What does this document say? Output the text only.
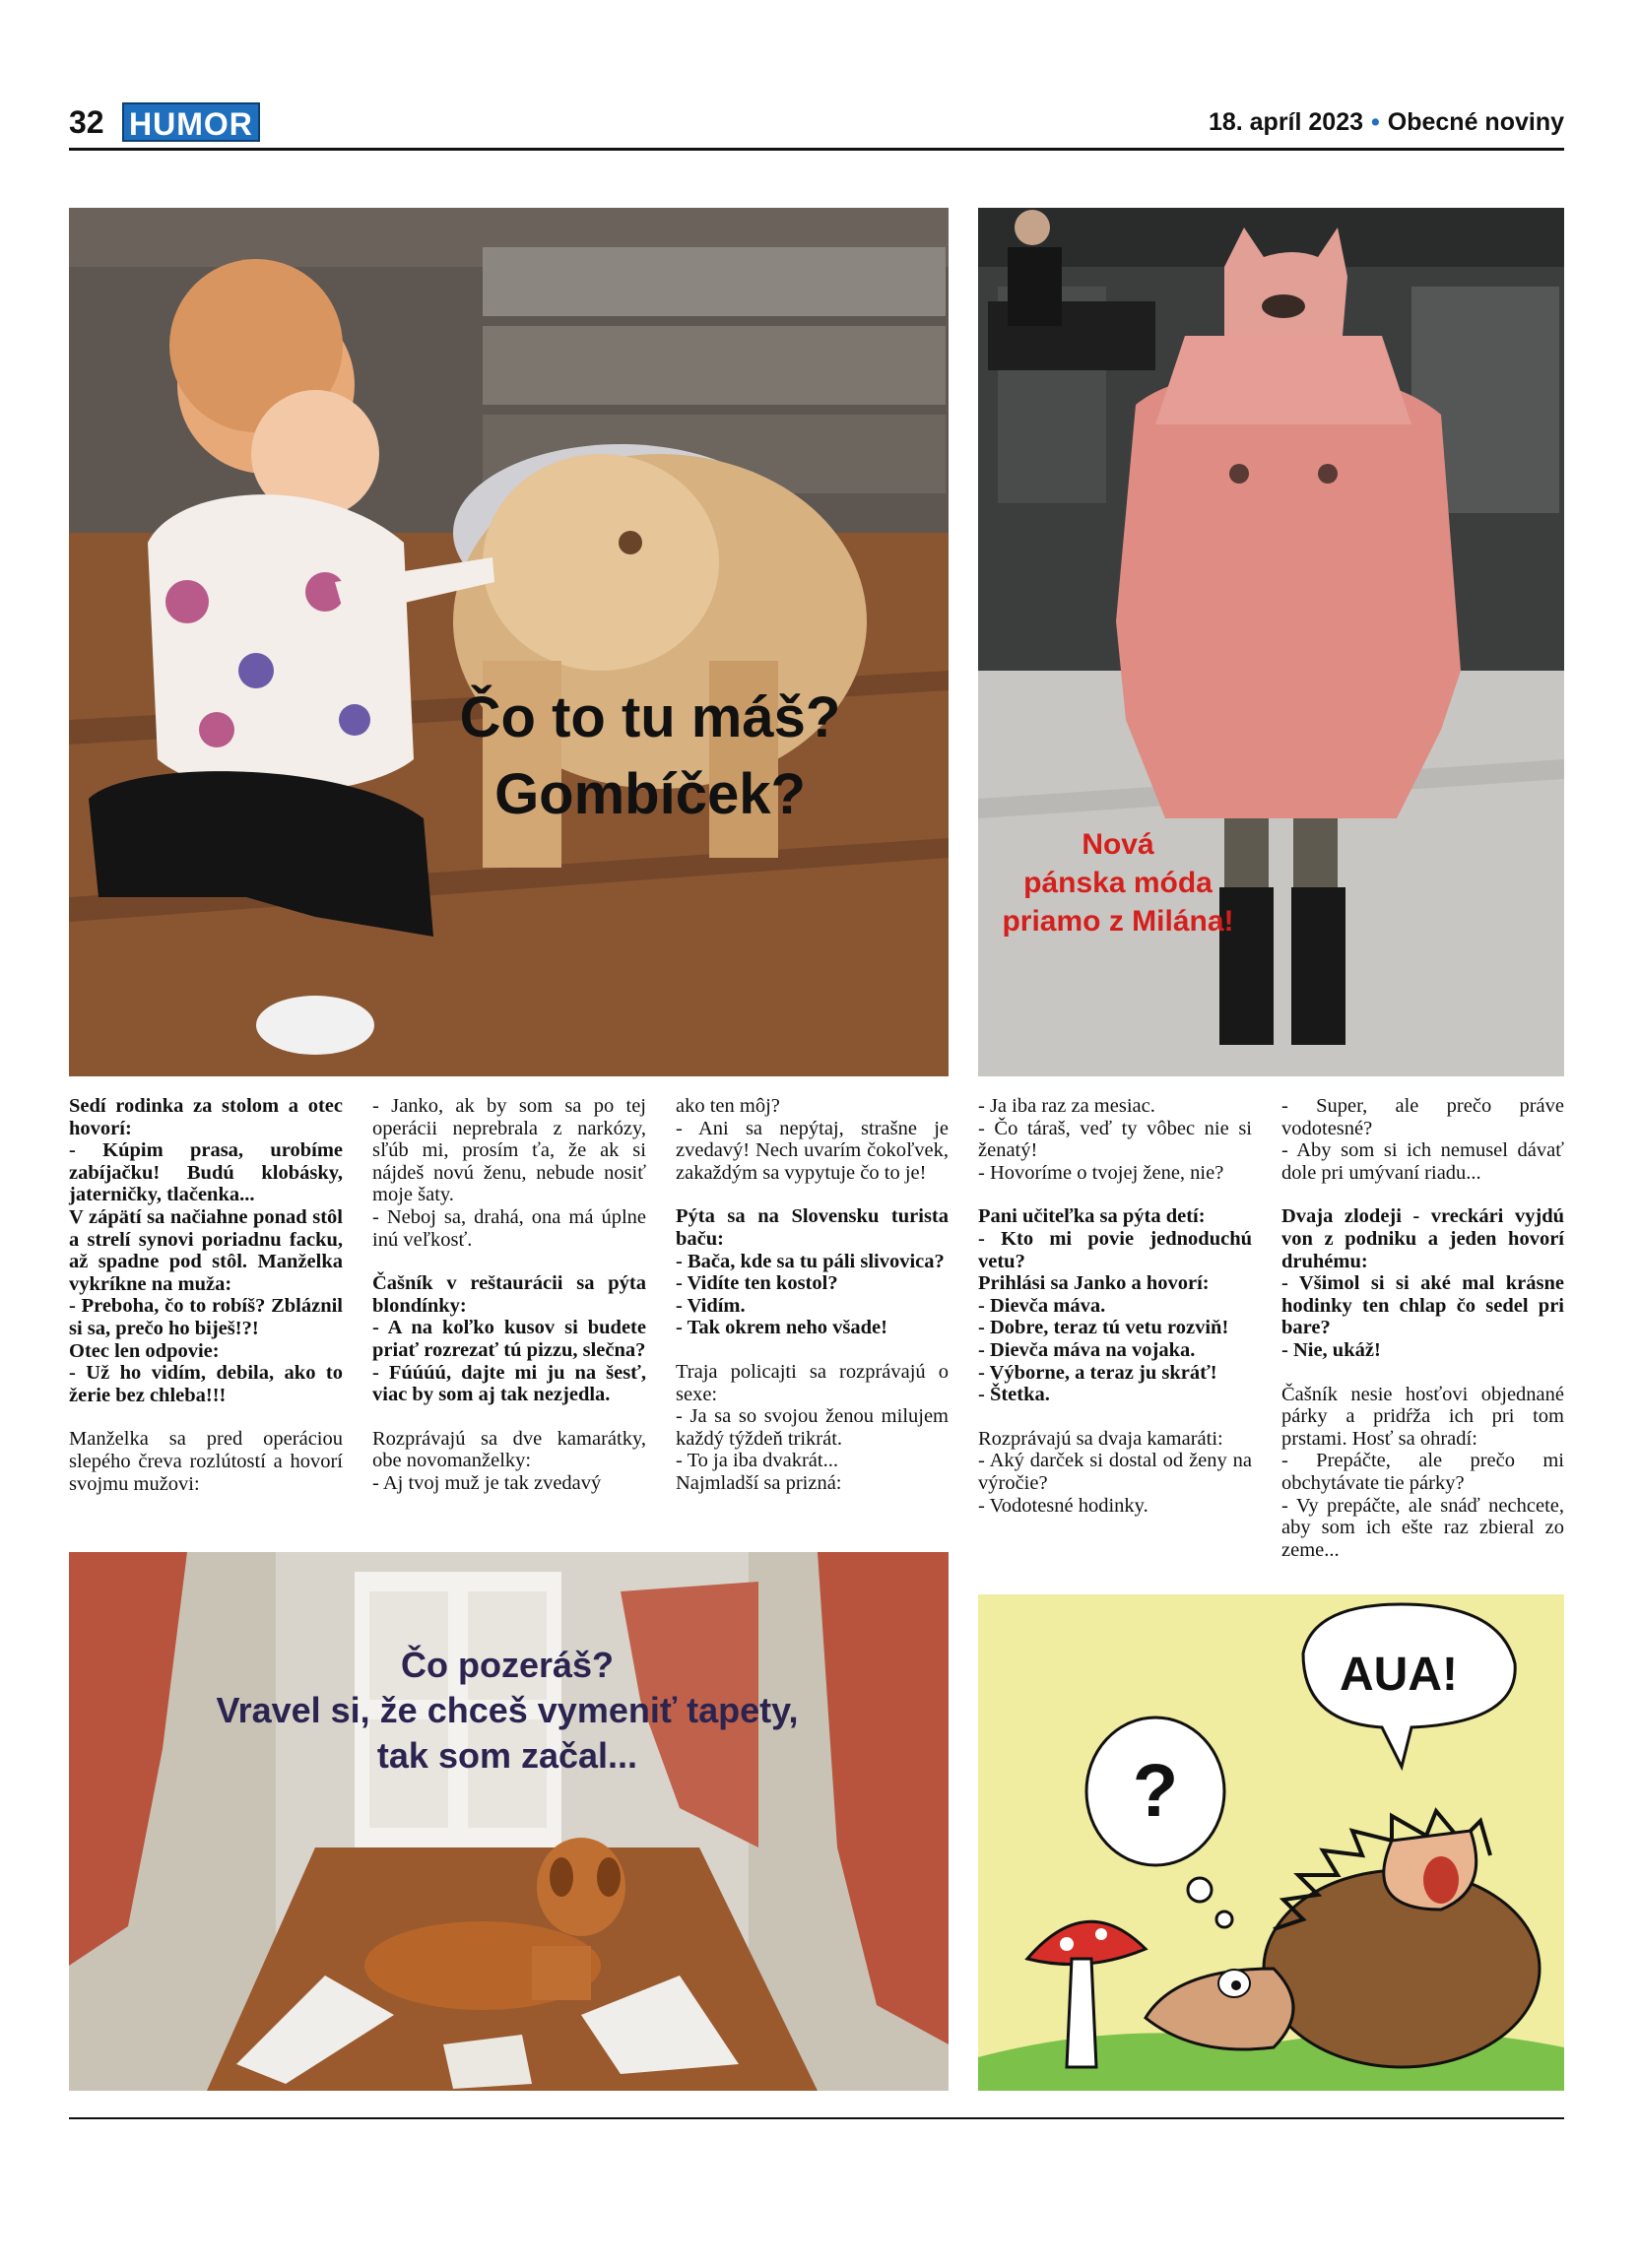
32 HUMOR	18. apríl 2023 • Obecné noviny
Čo to tu máš?
Gombíček?
Nová
pánska móda
priamo z Milána!

Sedí rodinka za stolom a otec hovorí:

- Kúpim prasa, urobíme zabíjačku! Budú klobásky, jaterničky, tlačenka...

V zápätí sa načiahne ponad stôl a strelí synovi poriadnu facku, až spadne pod stôl. Manželka vykríkne na muža:

- Preboha, čo to robíš? Zbláznil si sa, prečo ho biješ!?!

Otec len odpovie:

- Už ho vidím, debila, ako to žerie bez chleba!!!

Manželka sa pred operáciou slepého čreva rozlútostí a hovorí svojmu mužovi:

- Janko, ak by som sa po tej operácii neprebrala z narkózy, sľúb mi, prosím ťa, že ak si nájdeš novú ženu, nebude nosiť moje šaty.

- Neboj sa, drahá, ona má úplne inú veľkosť.

Čašník v reštaurácii sa pýta blondínky:

- A na koľko kusov si budete priať rozrezať tú pizzu, slečna?

- Fúúúú, dajte mi ju na šesť, viac by som aj tak nezjedla.

Rozprávajú sa dve kamarátky, obe novomanželky:

- Aj tvoj muž je tak zvedavý

ako ten môj?

- Ani sa nepýtaj, strašne je zvedavý! Nech uvarím čokoľvek, zakaždým sa vypytuje čo to je!

Pýta sa na Slovensku turista baču:

- Bača, kde sa tu páli slivovica?

- Vidíte ten kostol?

- Vidím.

- Tak okrem neho všade!

Traja policajti sa rozprávajú o sexe:

- Ja sa so svojou ženou milujem každý týždeň trikrát.

- To ja iba dvakrát...

Najmladší sa prizná:

- Ja iba raz za mesiac.

- Čo táraš, veď ty vôbec nie si ženatý!

- Hovoríme o tvojej žene, nie?

Pani učiteľka sa pýta detí:

- Kto mi povie jednoduchú vetu?

Prihlási sa Janko a hovorí:

- Dievča máva.

- Dobre, teraz tú vetu rozviň!

- Dievča máva na vojaka.

- Výborne, a teraz ju skráť!

- Štetka.

Rozprávajú sa dvaja kamaráti:

- Aký darček si dostal od ženy na výročie?

- Vodotesné hodinky.

- Super, ale prečo práve vodotesné?

- Aby som si ich nemusel dávať dole pri umývaní riadu...

Dvaja zlodeji - vreckári vyjdú von z podniku a jeden hovorí druhému:

- Všimol si si aké mal krásne hodinky ten chlap čo sedel pri bare?

- Nie, ukáž!

Čašník nesie hosťovi objednané párky a pridŕža ich pri tom prstami. Hosť sa ohradí:

- Prepáčte, ale prečo mi obchytávate tie párky?

- Vy prepáčte, ale snáď nechcete, aby som ich ešte raz zbieral zo zeme...

Čo pozeráš?
Vravel si, že chceš vymeniť tapety,
tak som začal...	?
AUA!
